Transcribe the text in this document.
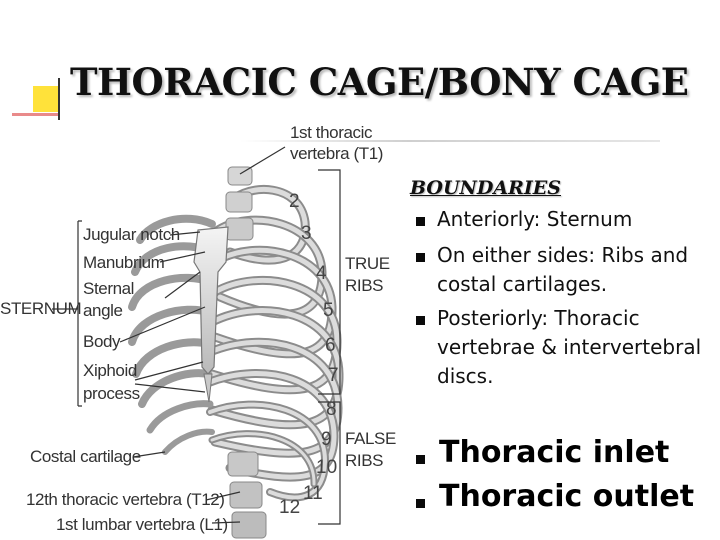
THORACIC CAGE/BONY CAGE
1st thoracic
vertebra (T1)
Jugular notch
Manubrium
Sternal
angle
Body
Xiphoid
process
STERNUM
Costal cartilage
12th thoracic vertebra (T12)
1st lumbar vertebra (L1)
TRUE
RIBS
FALSE
RIBS
2
3
4
5
6
7
8
9
10
11
12
BOUNDARIES
Anteriorly: Sternum
On either sides: Ribs and
costal cartilages.
Posteriorly: Thoracic
vertebrae & intervertebral
discs.
Thoracic inlet
Thoracic outlet
